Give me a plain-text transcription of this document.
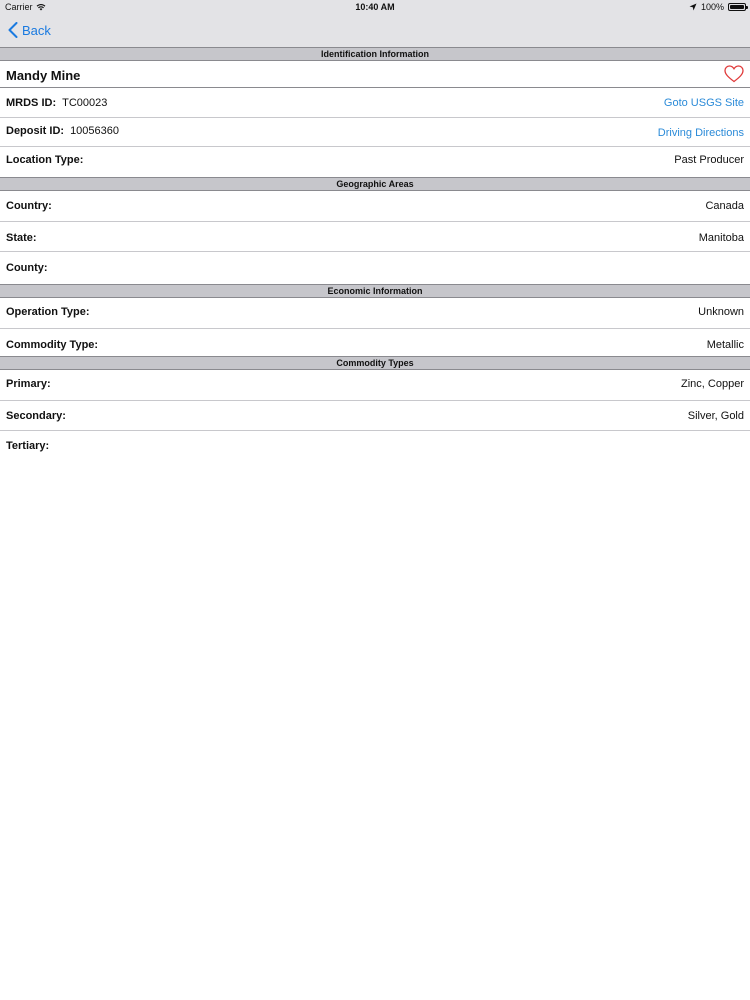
Carrier	10:40 AM	100%
Back
Identification Information
Mandy Mine
MRDS ID: TC00023	Goto USGS Site
Deposit ID: 10056360	Driving Directions
Location Type:	Past Producer
Geographic Areas
Country:	Canada
State:	Manitoba
County:
Economic Information
Operation Type:	Unknown
Commodity Type:	Metallic
Commodity Types
Primary:	Zinc, Copper
Secondary:	Silver, Gold
Tertiary:
